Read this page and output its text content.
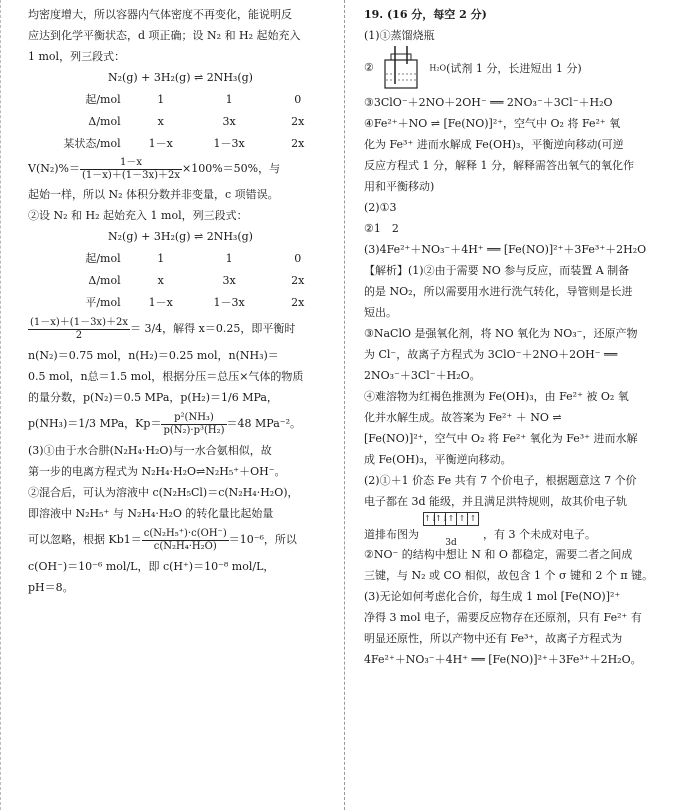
均密度增大，所以容器内气体密度不再变化，能说明反
应达到化学平衡状态，d 项正确；设 N₂ 和 H₂ 起始充入
1 mol，列三段式：
N₂(g) + 3H₂(g) ⇌ 2NH₃(g)
起/mol	1	1	0
Δ/mol	x	3x	2x
某状态/mol	1－x	1－3x	2x
$V(N_2)\%= \frac{1-x}{(1-x)+(1-3x)+2x} \times 100\%=50\%$，与
起始一样，所以 N₂ 体积分数并非变量，c 项错误。
②设 N₂ 和 H₂ 起始充入 1 mol，列三段式：
N₂(g) + 3H₂(g) ⇌ 2NH₃(g)
起/mol	1	1	0
Δ/mol	x	3x	2x
平/mol	1－x	1－3x	2x
$\frac{(1-x)+(1-3x)+2x}{2} = 3/4$，解得 x＝0.25，即平衡时
n(N₂)＝0.75 mol，n(H₂)＝0.25 mol，n(NH₃)＝
0.5 mol，n总＝1.5 mol，根据分压＝总压×气体的物质
的量分数，p(N₂)＝0.5 MPa，p(H₂)＝1/6 MPa，
p(NH₃)＝1/3 MPa，$Kp= \frac{\text{p²(NH₃)}}{\text{p(N₂)·p³(H₂)}} =48$ MPa⁻²。
(3)①由于水合肼(N₂H₄·H₂O)与一水合氨相似，故
第一步的电离方程式为 N₂H₄·H₂O⇌N₂H₅⁺＋OH⁻。
②混合后，可认为溶液中 c(N₂H₅Cl)＝c(N₂H₄·H₂O)，
即溶液中 N₂H₅⁺ 与 N₂H₄·H₂O 的转化量比起始量
可以忽略，根据 $Kb1= \frac{\text{c(N₂H₅⁺)·c(OH⁻)}}{\text{c(N₂H₄·H₂O)}} =10^{-6}$，所以
c(OH⁻)＝10⁻⁶ mol/L，即 c(H⁺)＝10⁻⁸ mol/L，
pH＝8。
19. (16 分，每空 2 分)
(1)①蒸馏烧瓶
②	H₂O(试剂 1 分，长进短出 1 分)
③3ClO⁻＋2NO＋2OH⁻ ══ 2NO₃⁻＋3Cl⁻＋H₂O
④Fe²⁺＋NO ⇌ [Fe(NO)]²⁺，空气中 O₂ 将 Fe²⁺ 氧
化为 Fe³⁺ 进而水解成 Fe(OH)₃，平衡逆向移动(可逆
反应方程式 1 分，解释 1 分，解释需答出氧气的氧化作
用和平衡移动)
(2)①3
②1　2
(3)4Fe²⁺＋NO₃⁻＋4H⁺ ══ [Fe(NO)]²⁺＋3Fe³⁺＋2H₂O
【解析】(1)②由于需要 NO 参与反应，而装置 A 制备
的是 NO₂，所以需要用水进行洗气转化，导管则是长进
短出。
③NaClO 是强氧化剂，将 NO 氧化为 NO₃⁻，还原产物
为 Cl⁻，故离子方程式为 3ClO⁻＋2NO＋2OH⁻ ══
2NO₃⁻＋3Cl⁻＋H₂O。
④难溶物为红褐色推测为 Fe(OH)₃，由 Fe²⁺ 被 O₂ 氧
化并水解生成。故答案为 Fe²⁺ ＋ NO ⇌
[Fe(NO)]²⁺，空气中 O₂ 将 Fe²⁺ 氧化为 Fe³⁺ 进而水解
成 Fe(OH)₃，平衡逆向移动。
(2)①＋1 价态 Fe 共有 7 个价电子，根据题意这 7 个价
电子都在 3d 能级，并且满足洪特规则，故其价电子轨
道排布图为
↑↓
↑↓ ↑ ↑ ↑
3d，有 3 个未成对电子。
②NO⁻ 的结构中想让 N 和 O 都稳定，需要二者之间成
三键，与 N₂ 或 CO 相似，故包含 1 个 σ 键和 2 个 π 键。
(3)无论如何考虑化合价，每生成 1 mol [Fe(NO)]²⁺
净得 3 mol 电子，需要反应物存在还原剂，只有 Fe²⁺ 有
明显还原性，所以产物中还有 Fe³⁺，故离子方程式为
4Fe²⁺＋NO₃⁻＋4H⁺ ══ [Fe(NO)]²⁺＋3Fe³⁺＋2H₂O。
